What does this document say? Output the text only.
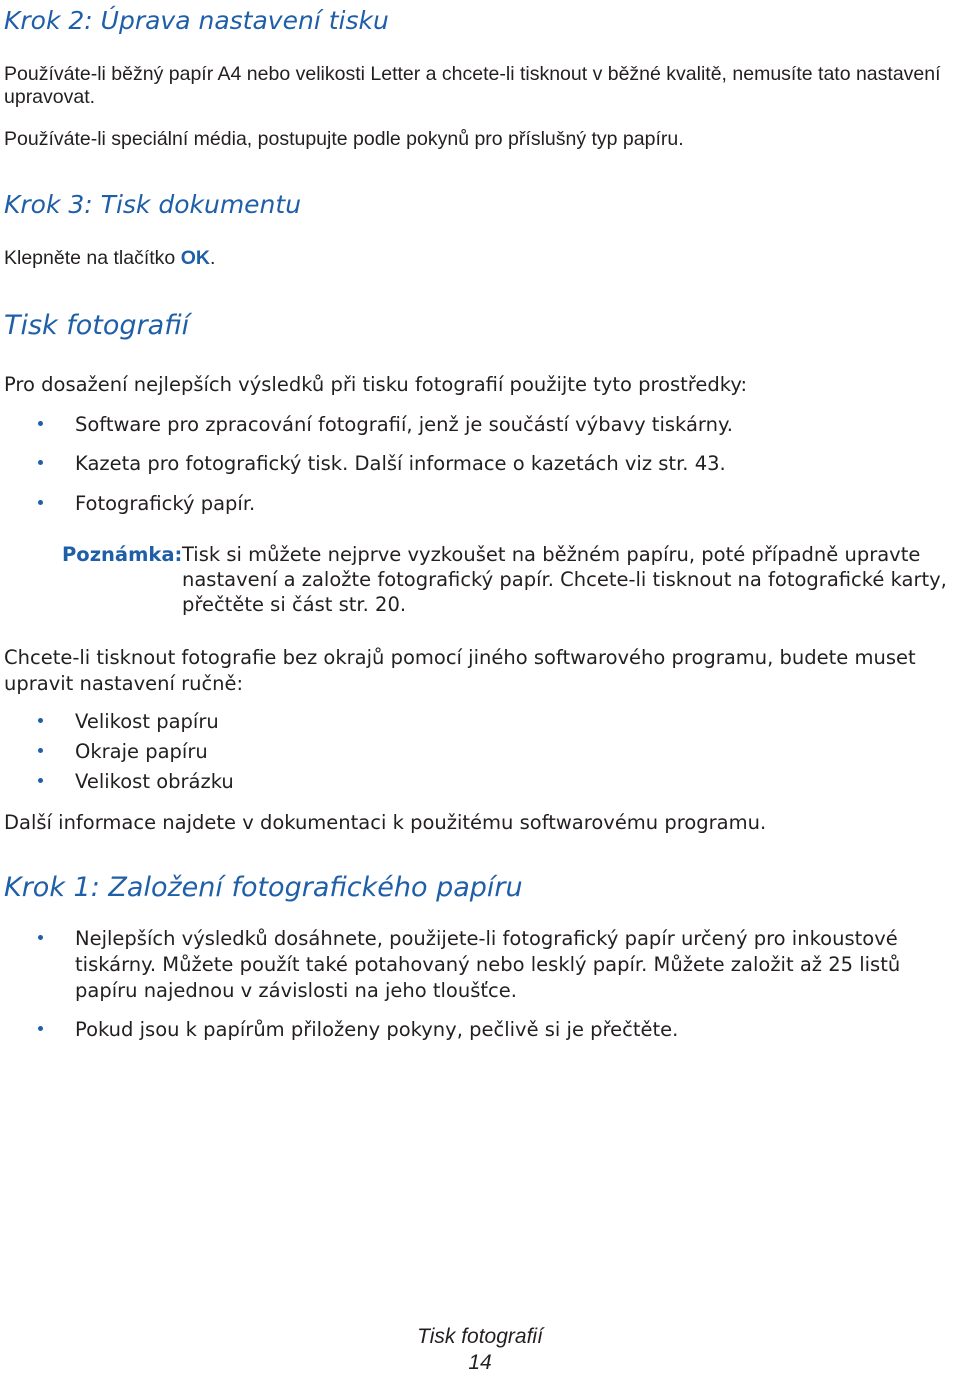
Krok 2: Úprava nastavení tisku

Používáte-li běžný papír A4 nebo velikosti Letter a chcete-li tisknout v běžné kvalitě, nemusíte tato nastavení upravovat.

Používáte-li speciální média, postupujte podle pokynů pro příslušný typ papíru.

Krok 3: Tisk dokumentu

Klepněte na tlačítko OK.

Tisk fotografií

Pro dosažení nejlepších výsledků při tisku fotografií použijte tyto prostředky:

Software pro zpracování fotografií, jenž je součástí výbavy tiskárny.

Kazeta pro fotografický tisk. Další informace o kazetách viz str. 43.

Fotografický papír.

Poznámka: Tisk si můžete nejprve vyzkoušet na běžném papíru, poté případně upravte
nastavení a založte fotografický papír. Chcete-li tisknout na fotografické karty,
přečtěte si část str. 20.

Chcete-li tisknout fotografie bez okrajů pomocí jiného softwarového programu, budete muset upravit nastavení ručně:

Velikost papíru

Okraje papíru

Velikost obrázku

Další informace najdete v dokumentaci k použitému softwarovému programu.

Krok 1: Založení fotografického papíru

Nejlepších výsledků dosáhnete, použijete-li fotografický papír určený pro inkoustové tiskárny. Můžete použít také potahovaný nebo lesklý papír. Můžete založit až 25 listů papíru najednou v závislosti na jeho tloušťce.

Pokud jsou k papírům přiloženy pokyny, pečlivě si je přečtěte.

Tisk fotografií

14
